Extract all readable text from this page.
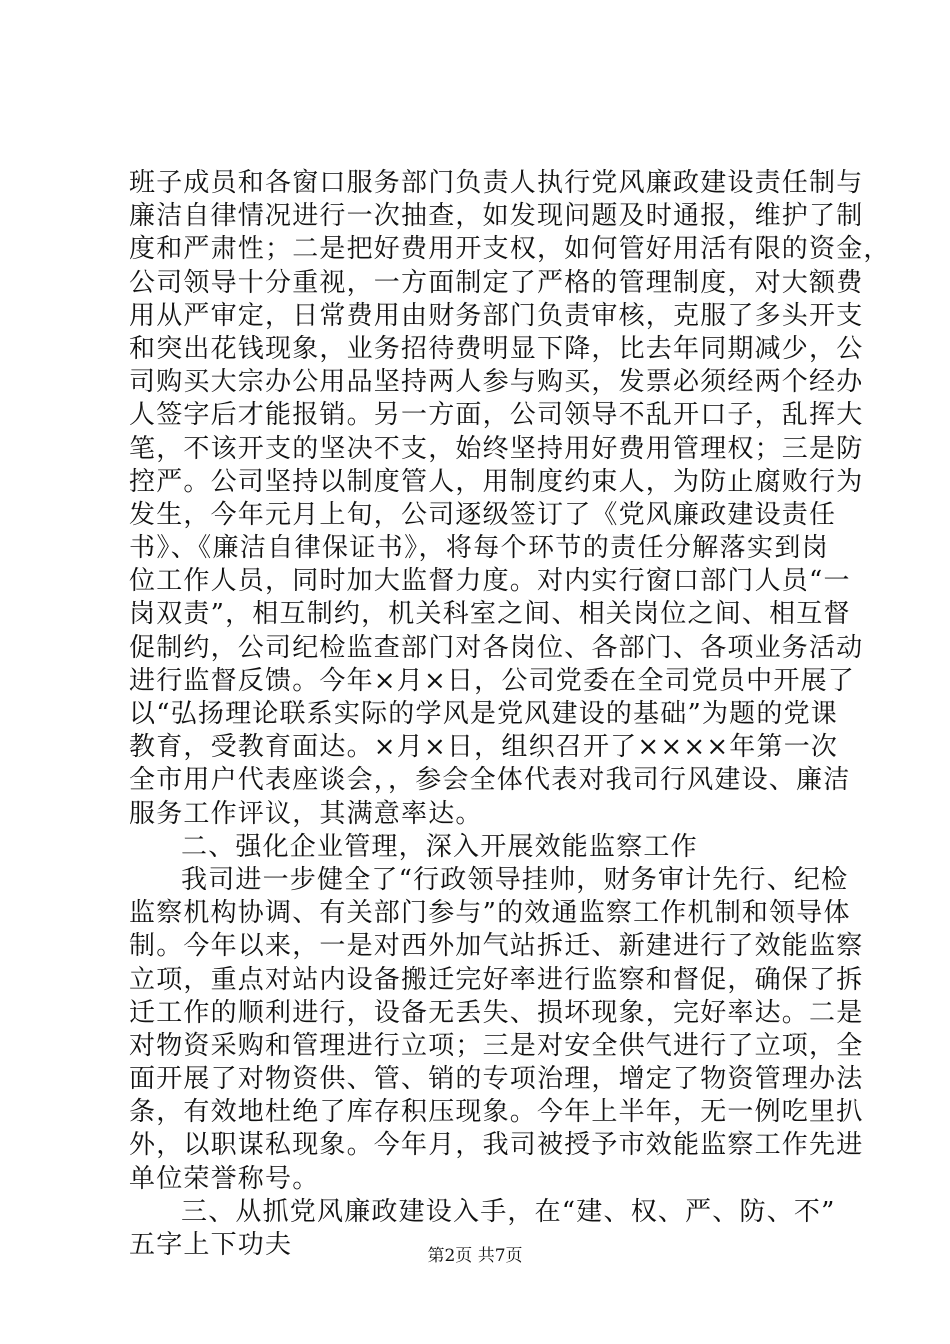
班子成员和各窗口服务部门负责人执行党风廉政建设责任制与
廉洁自律情况进行一次抽查，如发现问题及时通报，维护了制
度和严肃性；二是把好费用开支权，如何管好用活有限的资金，
公司领导十分重视，一方面制定了严格的管理制度，对大额费
用从严审定，日常费用由财务部门负责审核，克服了多头开支
和突出花钱现象，业务招待费明显下降，比去年同期减少，公
司购买大宗办公用品坚持两人参与购买，发票必须经两个经办
人签字后才能报销。另一方面，公司领导不乱开口子，乱挥大
笔，不该开支的坚决不支，始终坚持用好费用管理权；三是防
控严。公司坚持以制度管人，用制度约束人，为防止腐败行为
发生，今年元月上旬，公司逐级签订了《党风廉政建设责任
书》、《廉洁自律保证书》，将每个环节的责任分解落实到岗
位工作人员，同时加大监督力度。对内实行窗口部门人员“一
岗双责”，相互制约，机关科室之间、相关岗位之间、相互督
促制约，公司纪检监查部门对各岗位、各部门、各项业务活动
进行监督反馈。今年×月×日，公司党委在全司党员中开展了
以“弘扬理论联系实际的学风是党风建设的基础”为题的党课
教育，受教育面达。×月×日，组织召开了××××年第一次
全市用户代表座谈会，，参会全体代表对我司行风建设、廉洁
服务工作评议，其满意率达。
二、强化企业管理，深入开展效能监察工作
我司进一步健全了“行政领导挂帅，财务审计先行、纪检
监察机构协调、有关部门参与”的效通监察工作机制和领导体
制。今年以来，一是对西外加气站拆迁、新建进行了效能监察
立项，重点对站内设备搬迁完好率进行监察和督促，确保了拆
迁工作的顺利进行，设备无丢失、损坏现象，完好率达。二是
对物资采购和管理进行立项；三是对安全供气进行了立项，全
面开展了对物资供、管、销的专项治理，增定了物资管理办法
条，有效地杜绝了库存积压现象。今年上半年，无一例吃里扒
外，以职谋私现象。今年月，我司被授予市效能监察工作先进
单位荣誉称号。
三、从抓党风廉政建设入手，在“建、权、严、防、不”
五字上下功夫	第2页 共7页
